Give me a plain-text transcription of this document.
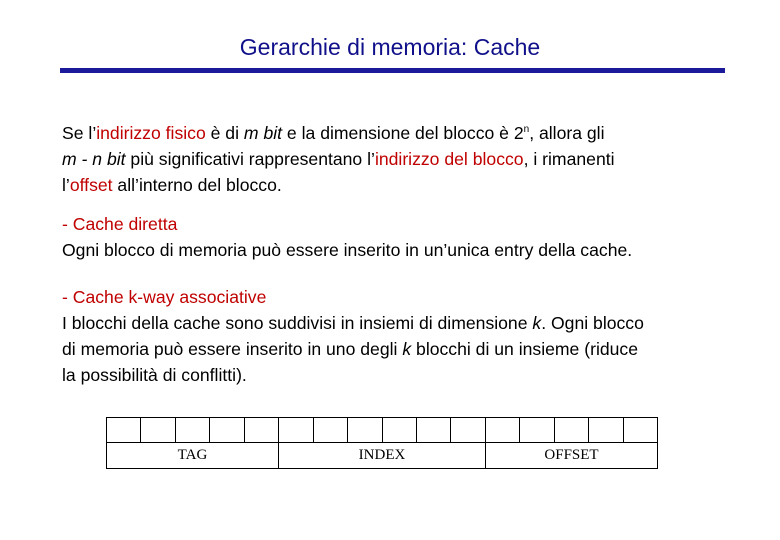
Gerarchie di memoria: Cache

Se l’indirizzo fisico è di m bit e la dimensione del blocco è 2$^n$, allora gli
m - n bit più significativi rappresentano l’indirizzo del blocco, i rimanenti
l’offset all’interno del blocco.

- Cache diretta
Ogni blocco di memoria può essere inserito in un’unica entry della cache.

- Cache k-way associative
I blocchi della cache sono suddivisi in insiemi di dimensione k. Ogni blocco
di memoria può essere inserito in uno degli k blocchi di un insieme (riduce
la possibilità di conflitti).

TAG	INDEX	OFFSET
